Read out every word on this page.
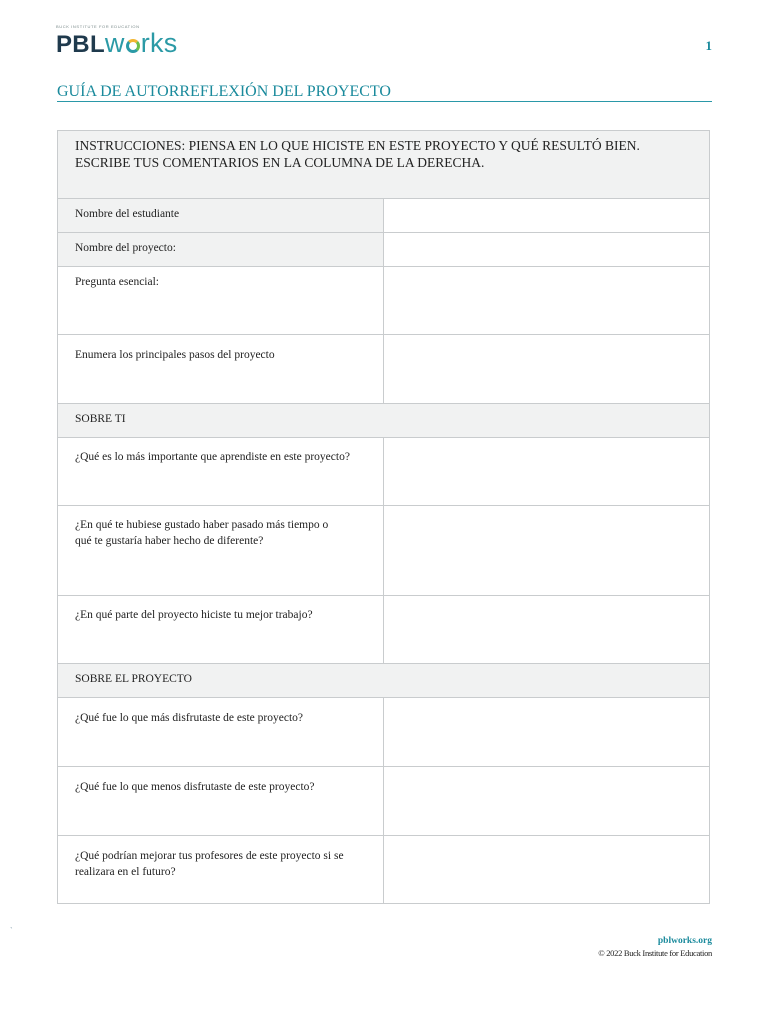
BUCK INSTITUTE FOR EDUCATION
PBLw rks	1
GUÍA DE AUTORREFLEXIÓN DEL PROYECTO
INSTRUCCIONES: PIENSA EN LO QUE HICISTE EN ESTE PROYECTO Y QUÉ RESULTÓ BIEN. ESCRIBE TUS COMENTARIOS EN LA COLUMNA DE LA DERECHA.	
Nombre del estudiante	
Nombre del proyecto:	
Pregunta esencial:	
Enumera los principales pasos del proyecto	
SOBRE TI	
¿Qué es lo más importante que aprendiste en este proyecto?	
¿En qué te hubiese gustado haber pasado más tiempo o qué te gustaría haber hecho de diferente?	
¿En qué parte del proyecto hiciste tu mejor trabajo?	
SOBRE EL PROYECTO	
¿Qué fue lo que más disfrutaste de este proyecto?	
¿Qué fue lo que menos disfrutaste de este proyecto?	
¿Qué podrían mejorar tus profesores de este proyecto si se realizara en el futuro?	
`
pblworks.org
© 2022 Buck Institute for Education
